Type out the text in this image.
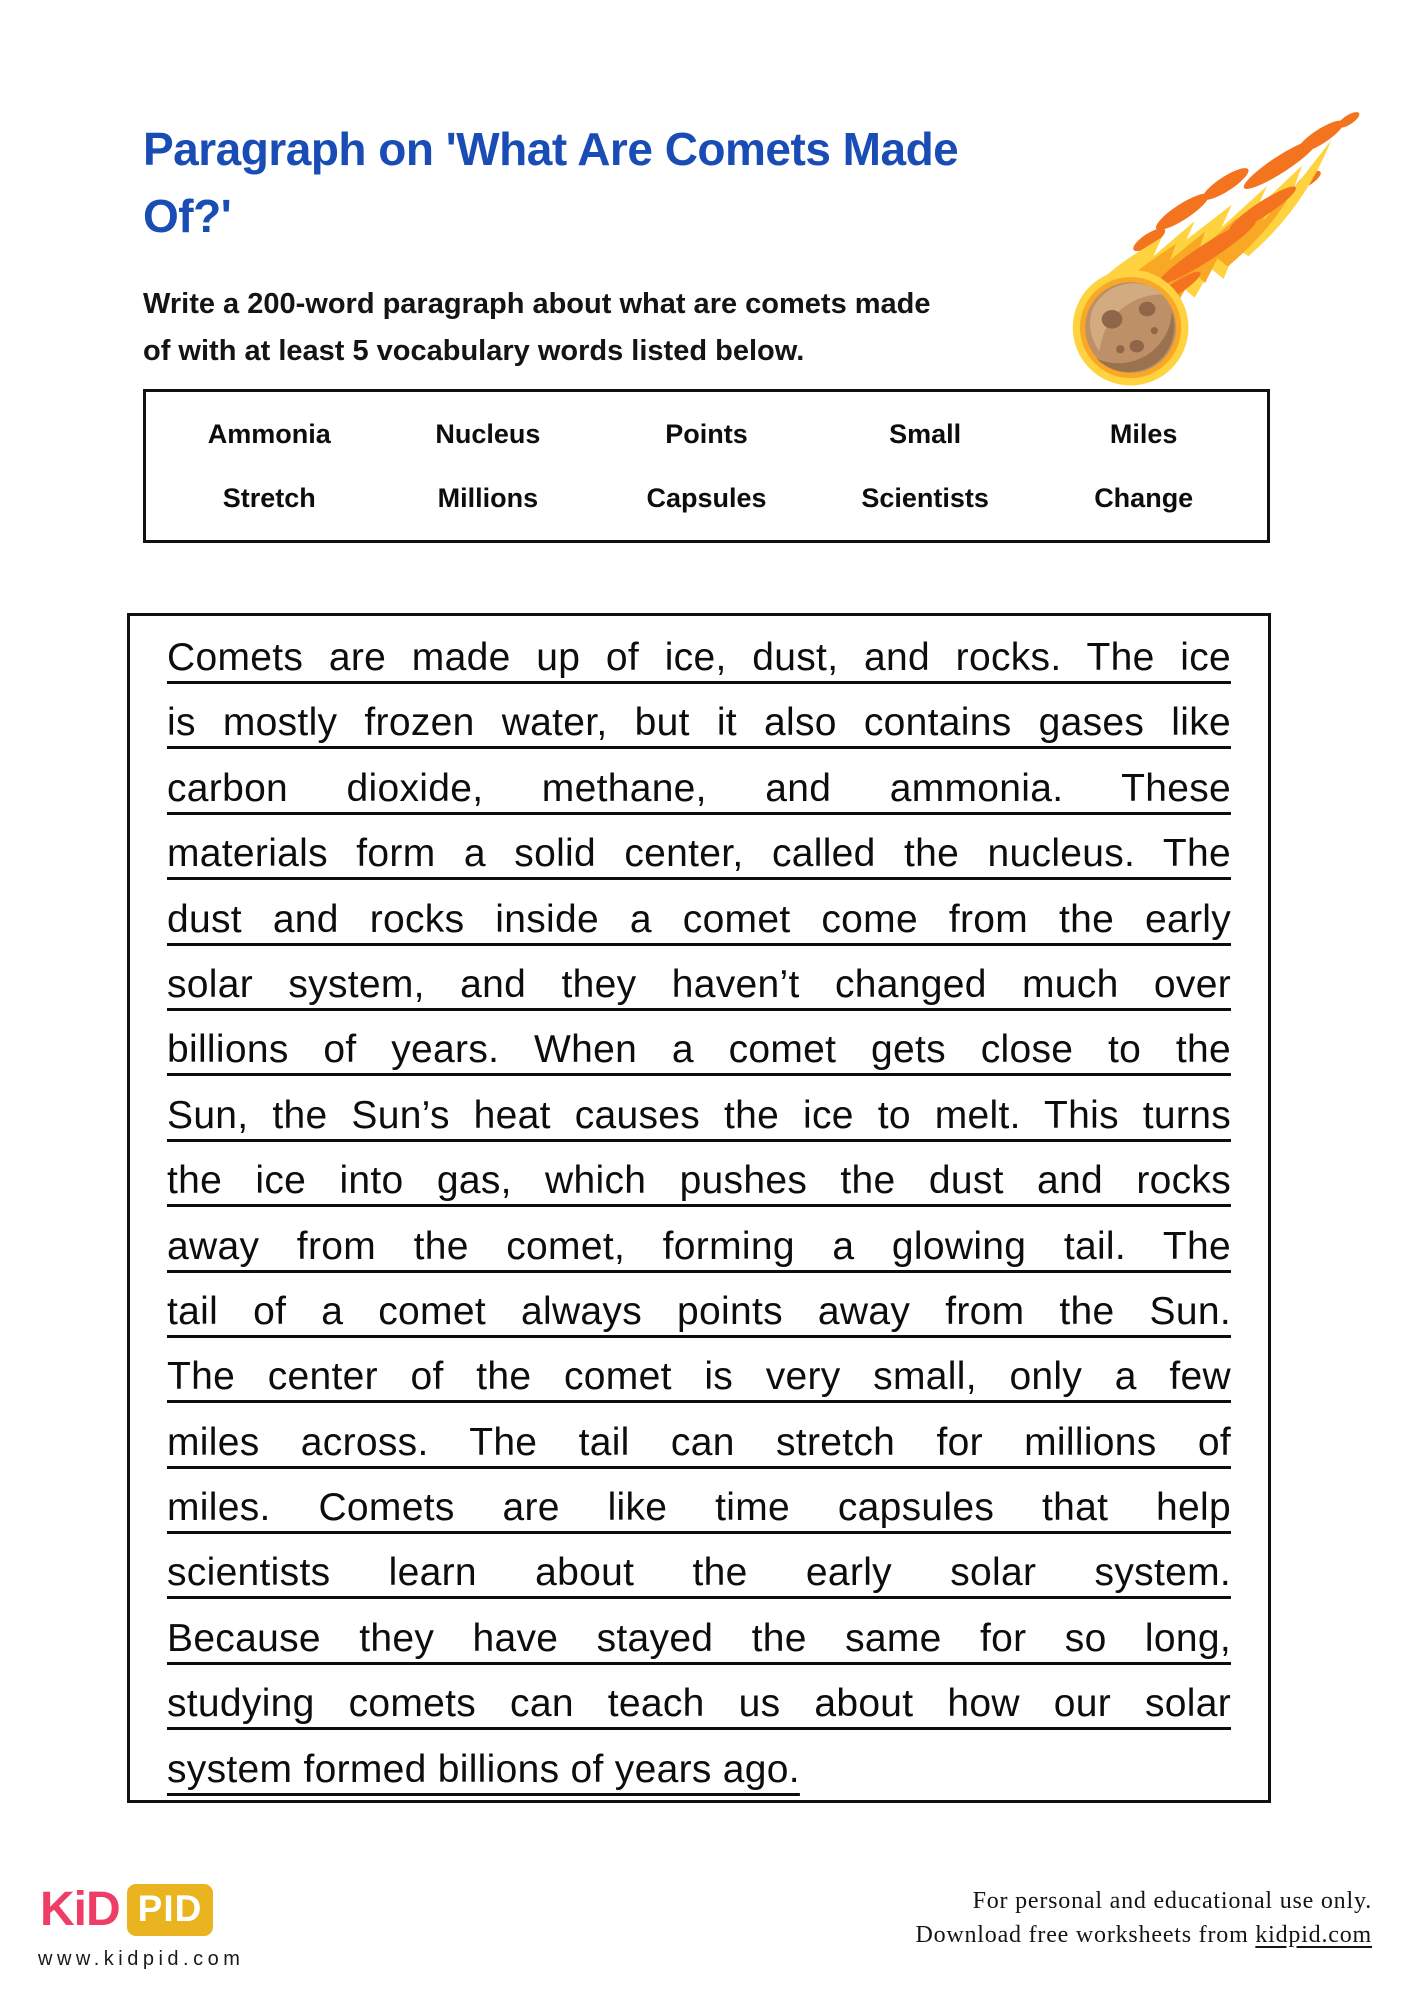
Paragraph on 'What Are Comets Made Of?'

Write a 200-word paragraph about what are comets made of with at least 5 vocabulary words listed below.

Ammonia	Nucleus	Points	Small	Miles
Stretch	Millions	Capsules	Scientists	Change
Comets are made up of ice, dust, and rocks. The ice
is mostly frozen water, but it also contains gases like
carbon dioxide, methane, and ammonia. These
materials form a solid center, called the nucleus. The
dust and rocks inside a comet come from the early
solar system, and they haven’t changed much over
billions of years. When a comet gets close to the
Sun, the Sun’s heat causes the ice to melt. This turns
the ice into gas, which pushes the dust and rocks
away from the comet, forming a glowing tail. The
tail of a comet always points away from the Sun.
The center of the comet is very small, only a few
miles across. The tail can stretch for millions of
miles. Comets are like time capsules that help
scientists learn about the early solar system.
Because they have stayed the same for so long,
studying comets can teach us about how our solar
system formed billions of years ago.
KiD PID
www.kidpid.com
For personal and educational use only.
Download free worksheets from kidpid.com
